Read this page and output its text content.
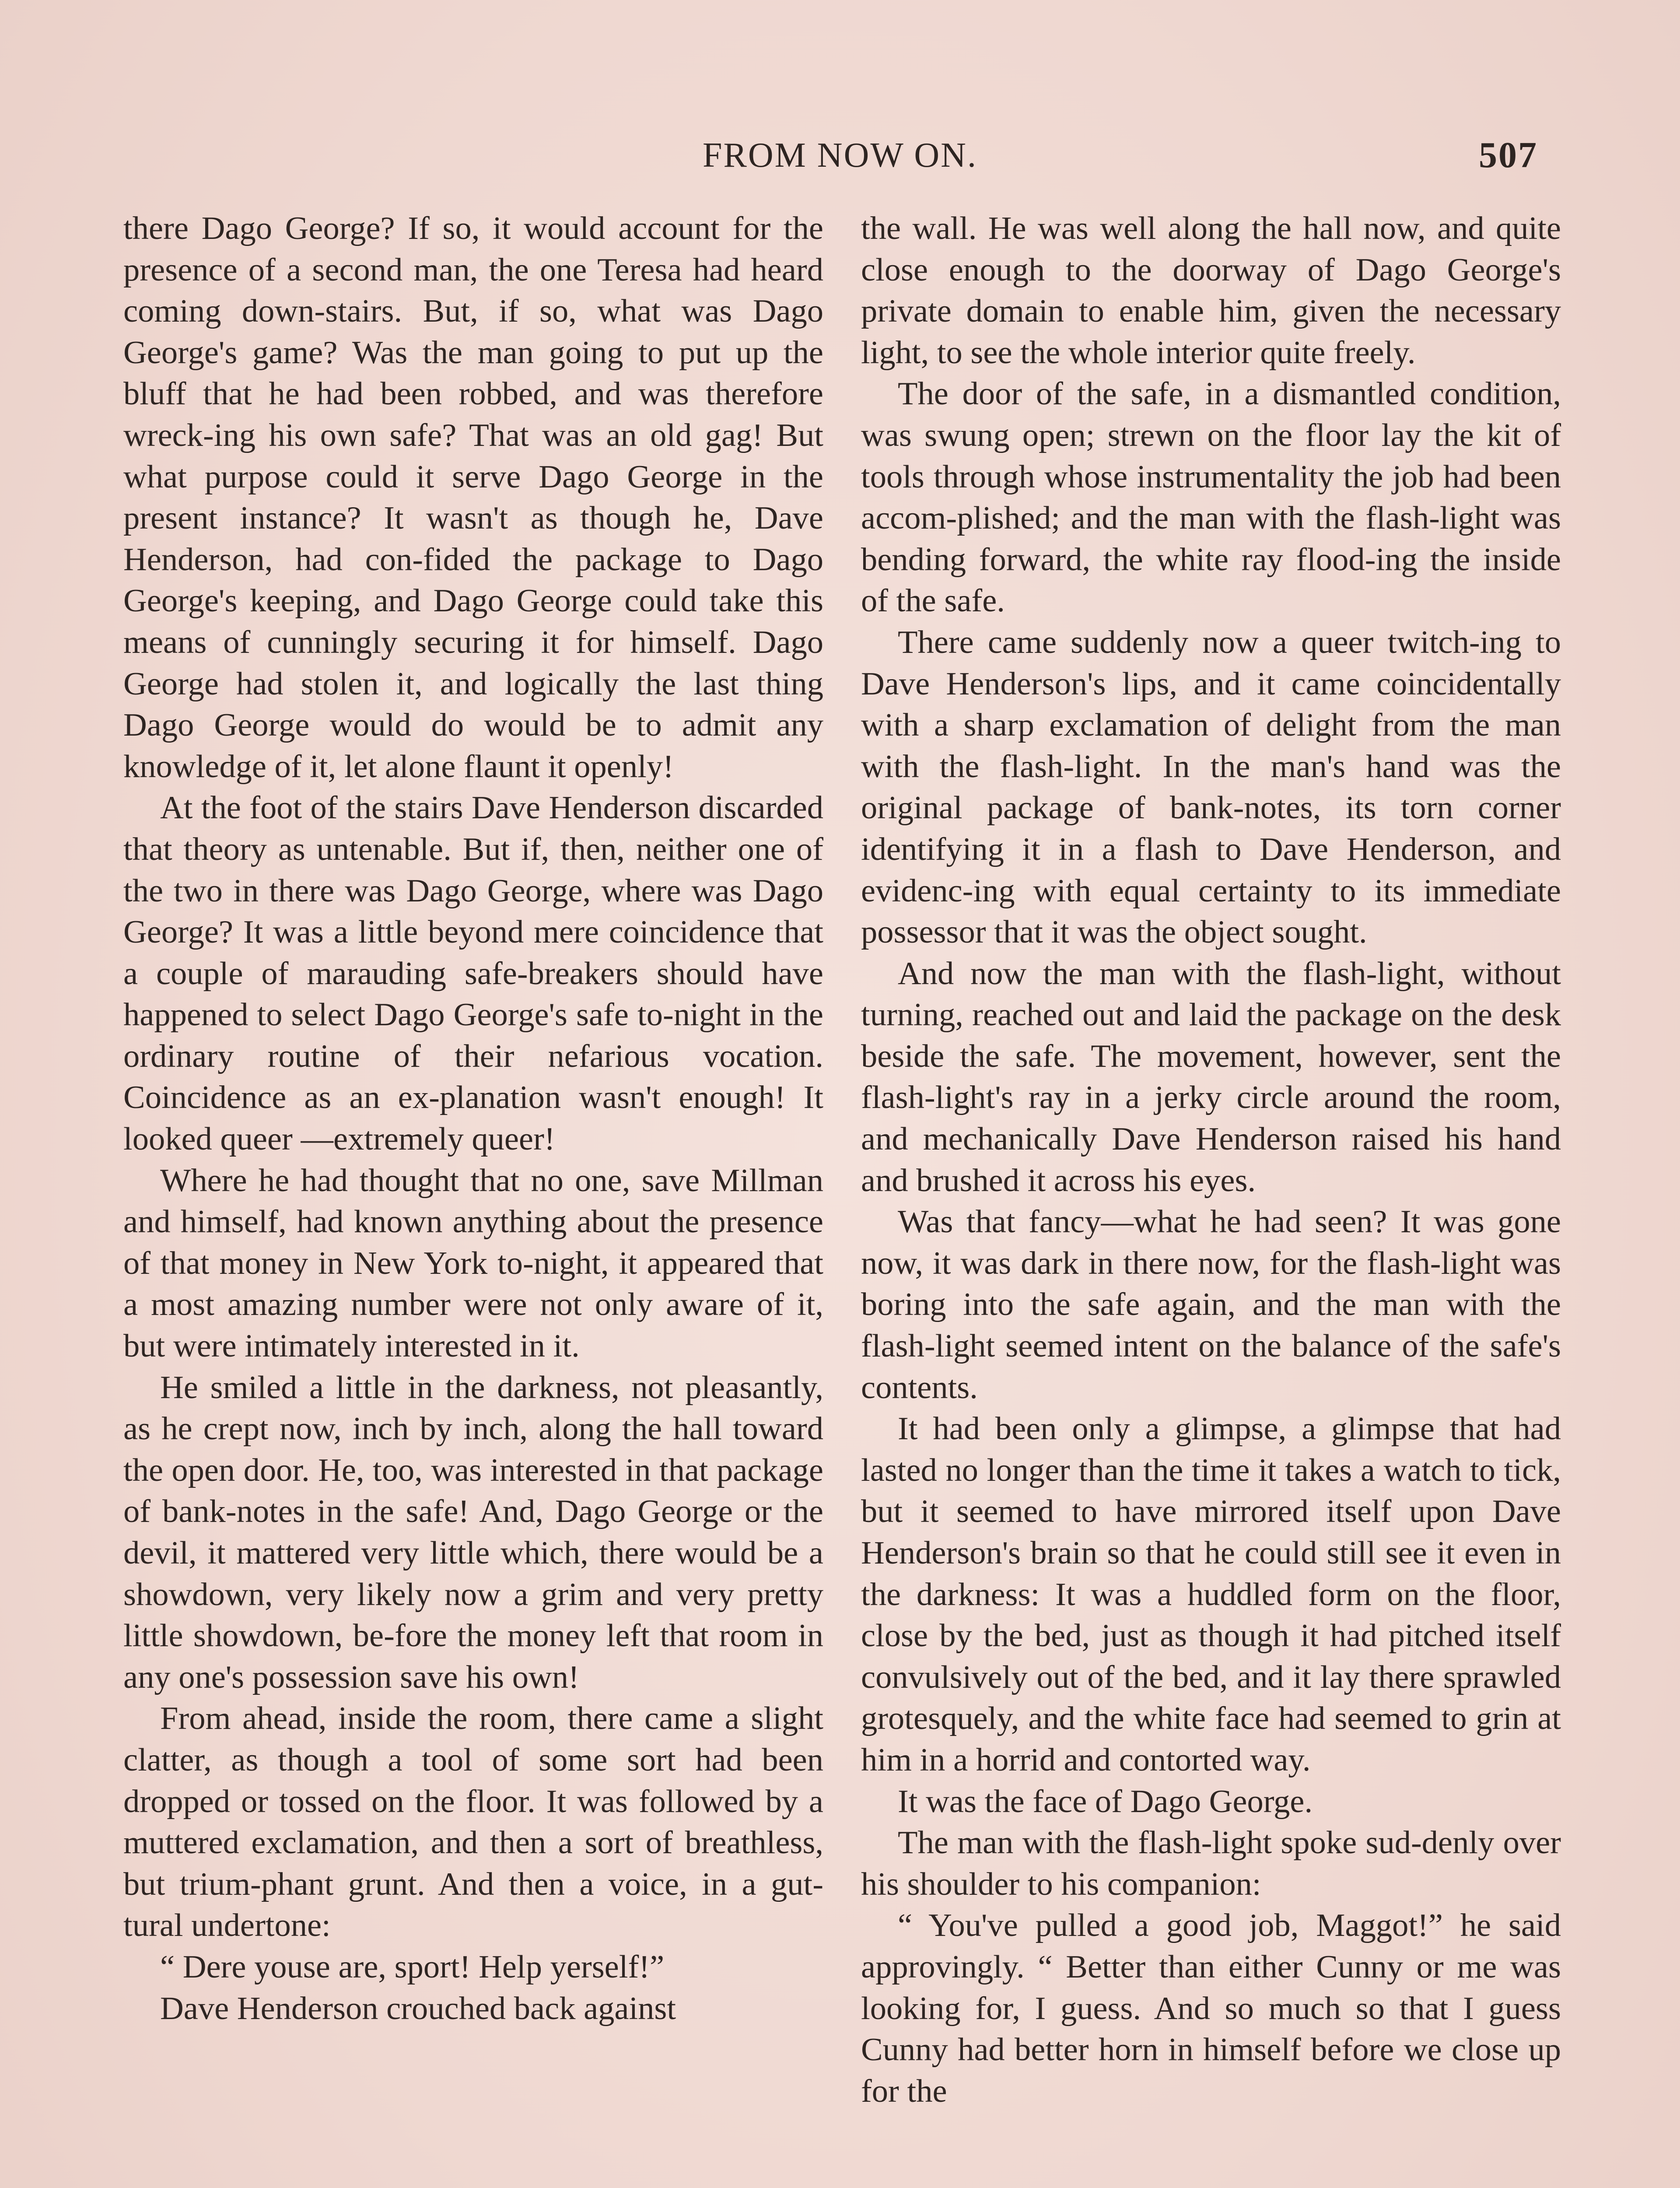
FROM NOW ON.	507

there Dago George? If so, it would account for the presence of a second man, the one Teresa had heard coming down-stairs. But, if so, what was Dago George's game? Was the man going to put up the bluff that he had been robbed, and was therefore wreck-ing his own safe? That was an old gag! But what purpose could it serve Dago George in the present instance? It wasn't as though he, Dave Henderson, had con-fided the package to Dago George's keeping, and Dago George could take this means of cunningly securing it for himself. Dago George had stolen it, and logically the last thing Dago George would do would be to admit any knowledge of it, let alone flaunt it openly!

At the foot of the stairs Dave Henderson discarded that theory as untenable. But if, then, neither one of the two in there was Dago George, where was Dago George? It was a little beyond mere coincidence that a couple of marauding safe-breakers should have happened to select Dago George's safe to-night in the ordinary routine of their nefarious vocation. Coincidence as an ex-planation wasn't enough! It looked queer —extremely queer!

Where he had thought that no one, save Millman and himself, had known anything about the presence of that money in New York to-night, it appeared that a most amazing number were not only aware of it, but were intimately interested in it.

He smiled a little in the darkness, not pleasantly, as he crept now, inch by inch, along the hall toward the open door. He, too, was interested in that package of bank-notes in the safe! And, Dago George or the devil, it mattered very little which, there would be a showdown, very likely now a grim and very pretty little showdown, be-fore the money left that room in any one's possession save his own!

From ahead, inside the room, there came a slight clatter, as though a tool of some sort had been dropped or tossed on the floor. It was followed by a muttered exclamation, and then a sort of breathless, but trium-phant grunt. And then a voice, in a gut-tural undertone:

“ Dere youse are, sport! Help yerself!”

Dave Henderson crouched back against

the wall. He was well along the hall now, and quite close enough to the doorway of Dago George's private domain to enable him, given the necessary light, to see the whole interior quite freely.

The door of the safe, in a dismantled condition, was swung open; strewn on the floor lay the kit of tools through whose instrumentality the job had been accom-plished; and the man with the flash-light was bending forward, the white ray flood-ing the inside of the safe.

There came suddenly now a queer twitch-ing to Dave Henderson's lips, and it came coincidentally with a sharp exclamation of delight from the man with the flash-light. In the man's hand was the original package of bank-notes, its torn corner identifying it in a flash to Dave Henderson, and evidenc-ing with equal certainty to its immediate possessor that it was the object sought.

And now the man with the flash-light, without turning, reached out and laid the package on the desk beside the safe. The movement, however, sent the flash-light's ray in a jerky circle around the room, and mechanically Dave Henderson raised his hand and brushed it across his eyes.

Was that fancy—what he had seen? It was gone now, it was dark in there now, for the flash-light was boring into the safe again, and the man with the flash-light seemed intent on the balance of the safe's contents.

It had been only a glimpse, a glimpse that had lasted no longer than the time it takes a watch to tick, but it seemed to have mirrored itself upon Dave Henderson's brain so that he could still see it even in the darkness: It was a huddled form on the floor, close by the bed, just as though it had pitched itself convulsively out of the bed, and it lay there sprawled grotesquely, and the white face had seemed to grin at him in a horrid and contorted way.

It was the face of Dago George.

The man with the flash-light spoke sud-denly over his shoulder to his companion:

“ You've pulled a good job, Maggot!” he said approvingly. “ Better than either Cunny or me was looking for, I guess. And so much so that I guess Cunny had better horn in himself before we close up for the
